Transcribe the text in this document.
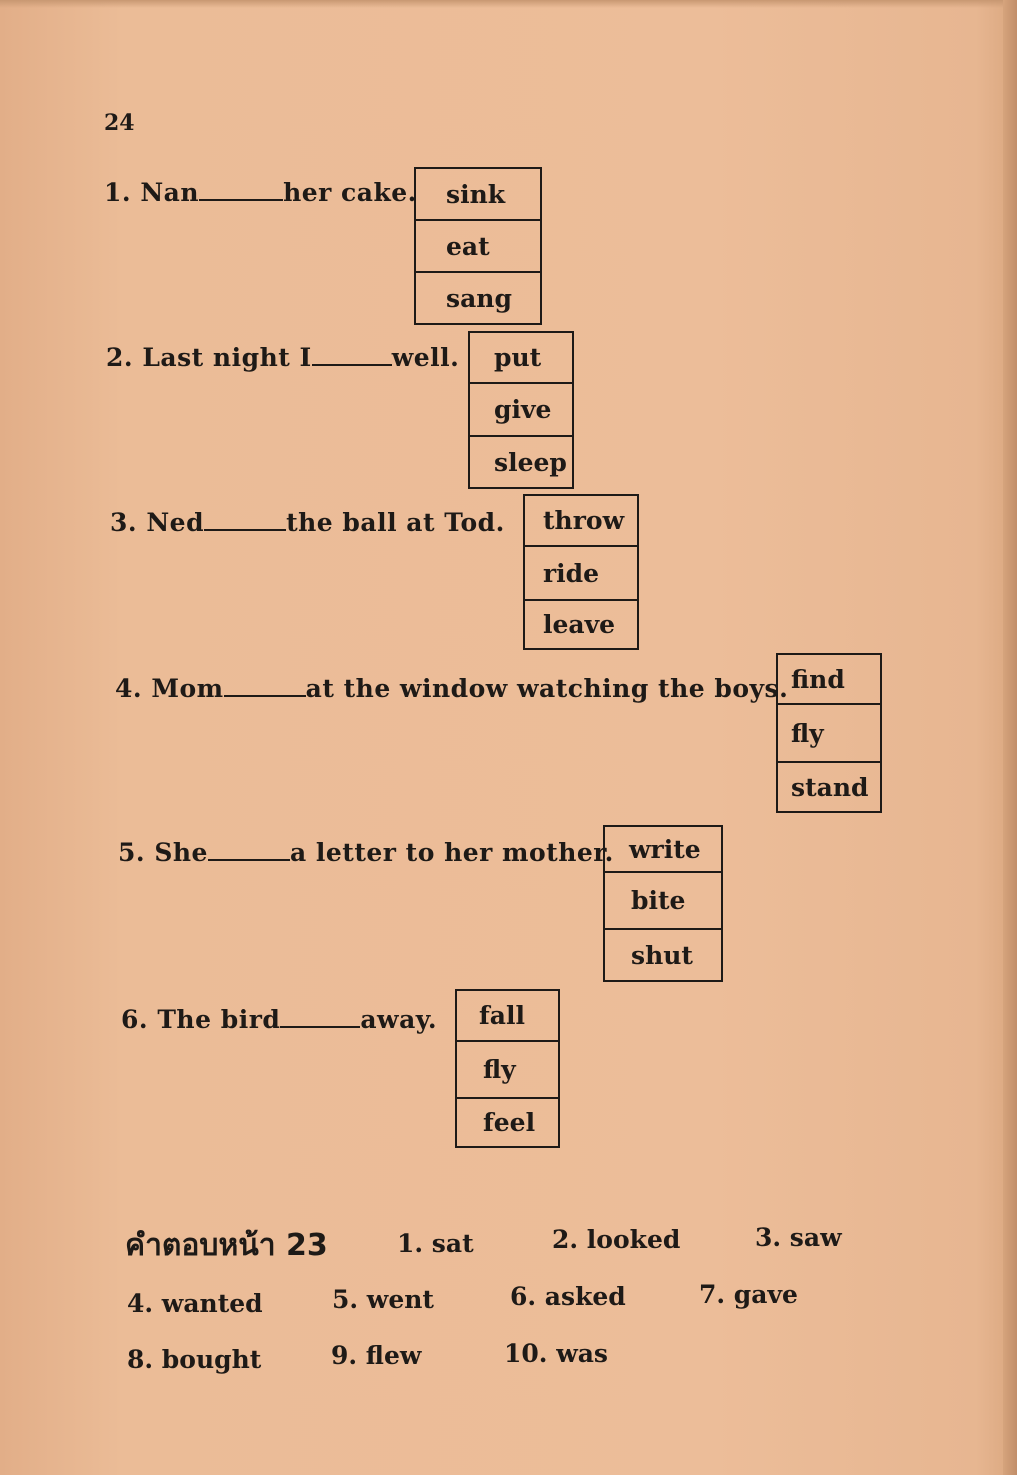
24
1. Nan	her cake.	sink
eat
sang
2. Last night I	well.	put
give
sleep
3. Ned	the ball at Tod.	throw
ride
leave
4. Mom	at the window watching the boys. find
fly
stand
5. She	a letter to her mother. write
bite
shut
6. The bird	away.	fall
fly
feel
คำตอบหน้า 23	1. sat	2. looked	3. saw
4. wanted	5. went	6. asked	7. gave
8. bought	9. flew	10. was
